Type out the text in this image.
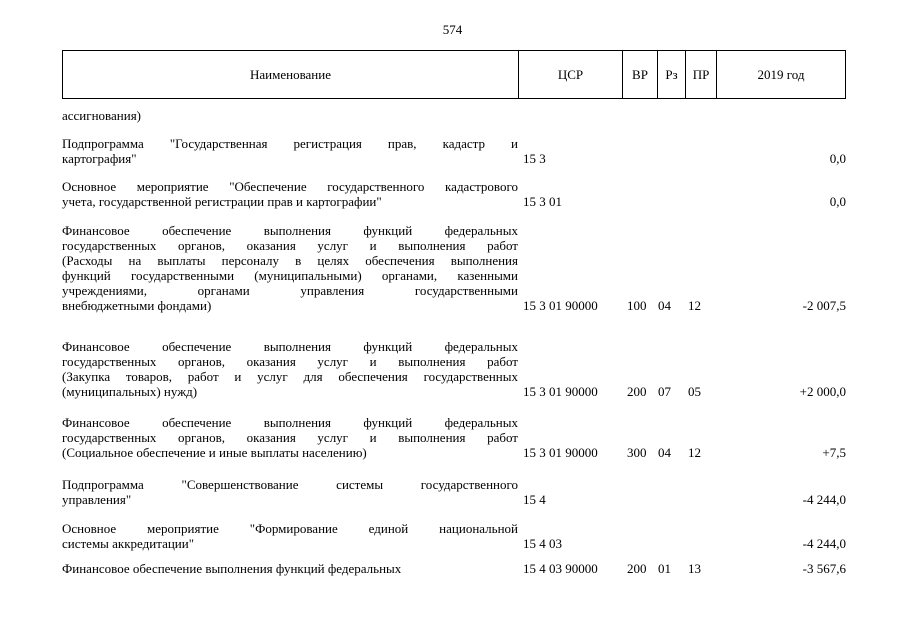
574
Наименование	ЦСР	ВР	Рз	ПР	2019 год
ассигнования)
Подпрограмма "Государственная регистрация прав, кадастр и
картография"	15 3	0,0
Основное мероприятие "Обеспечение государственного кадастрового
учета, государственной регистрации прав и картографии"	15 3 01	0,0
Финансовое обеспечение выполнения функций федеральных
государственных органов, оказания услуг и выполнения работ
(Расходы на выплаты персоналу в целях обеспечения выполнения
функций государственными (муниципальными) органами, казенными
учреждениями, органами управления государственными
внебюджетными фондами)	15 3 01 90000 100 04 12	-2 007,5
Финансовое обеспечение выполнения функций федеральных
государственных органов, оказания услуг и выполнения работ
(Закупка товаров, работ и услуг для обеспечения государственных
(муниципальных) нужд)	15 3 01 90000 200 07 05	+2 000,0
Финансовое обеспечение выполнения функций федеральных
государственных органов, оказания услуг и выполнения работ
(Социальное обеспечение и иные выплаты населению)	15 3 01 90000 300 04 12	+7,5
Подпрограмма "Совершенствование системы государственного
управления"	15 4	-4 244,0
Основное мероприятие "Формирование единой национальной
системы аккредитации"	15 4 03	-4 244,0
Финансовое обеспечение выполнения функций федеральных	15 4 03 90000 200 01 13	-3 567,6
